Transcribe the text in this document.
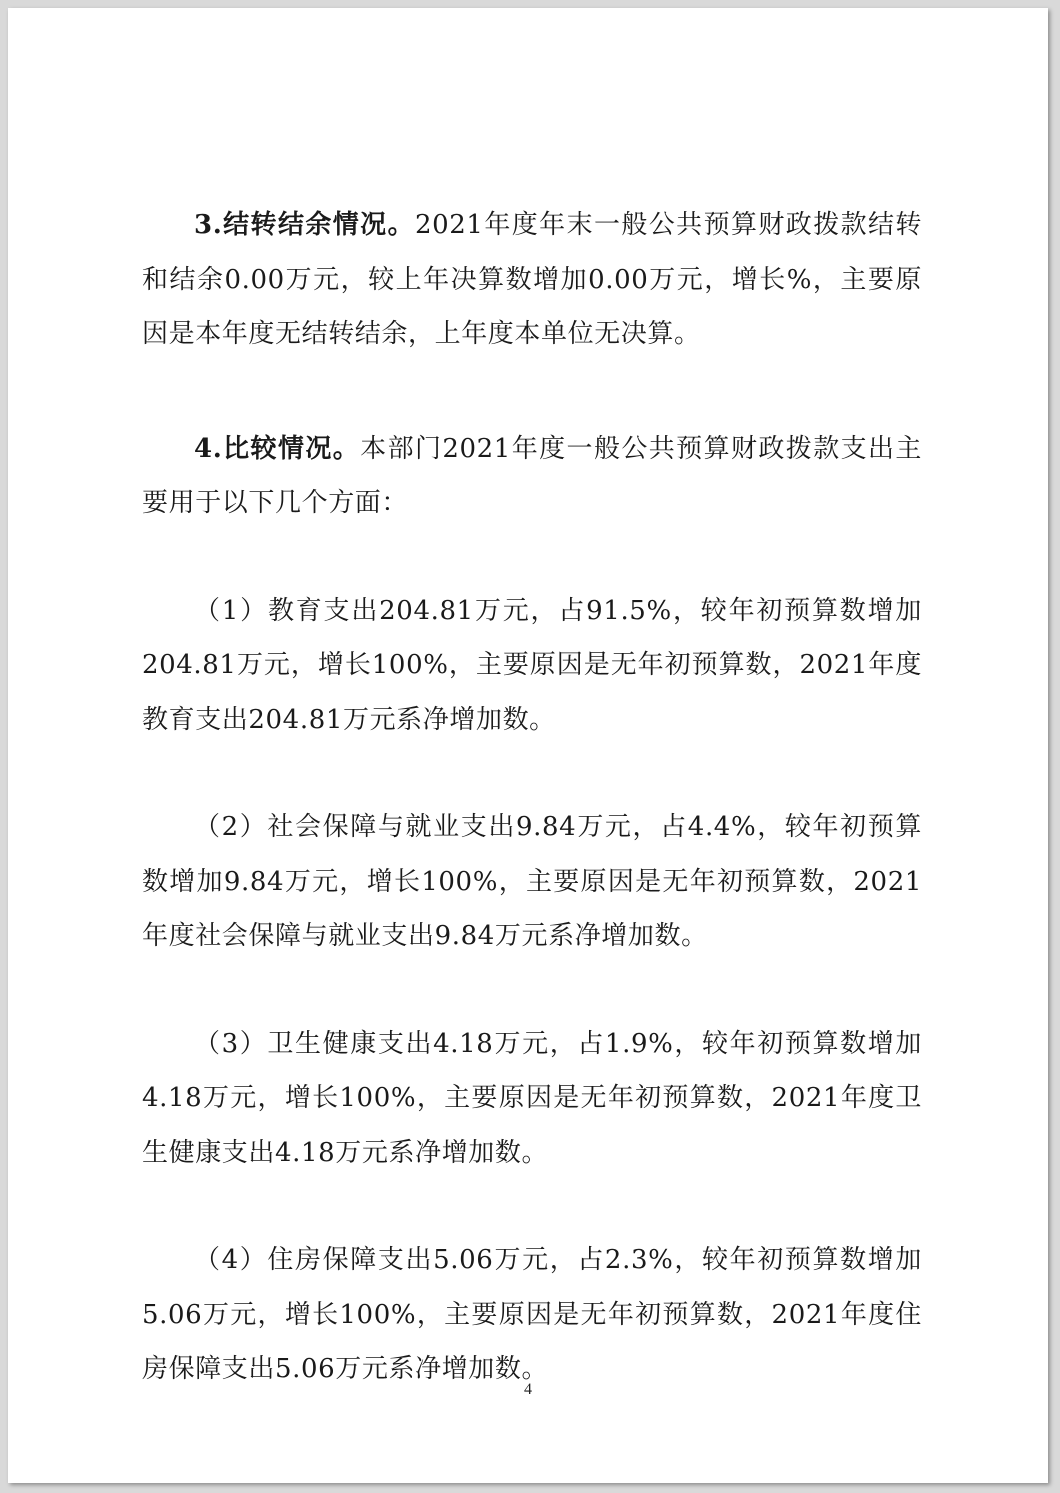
3.结转结余情况。2021年度年末一般公共预算财政拨款结转和结余0.00万元，较上年决算数增加0.00万元，增长%，主要原因是本年度无结转结余，上年度本单位无决算。

4.比较情况。本部门2021年度一般公共预算财政拨款支出主要用于以下几个方面：

（1）教育支出204.81万元，占91.5%，较年初预算数增加204.81万元，增长100%，主要原因是无年初预算数，2021年度教育支出204.81万元系净增加数。

（2）社会保障与就业支出9.84万元，占4.4%，较年初预算数增加9.84万元，增长100%，主要原因是无年初预算数，2021年度社会保障与就业支出9.84万元系净增加数。

（3）卫生健康支出4.18万元，占1.9%，较年初预算数增加4.18万元，增长100%，主要原因是无年初预算数，2021年度卫生健康支出4.18万元系净增加数。

（4）住房保障支出5.06万元，占2.3%，较年初预算数增加5.06万元，增长100%，主要原因是无年初预算数，2021年度住房保障支出5.06万元系净增加数。

4
